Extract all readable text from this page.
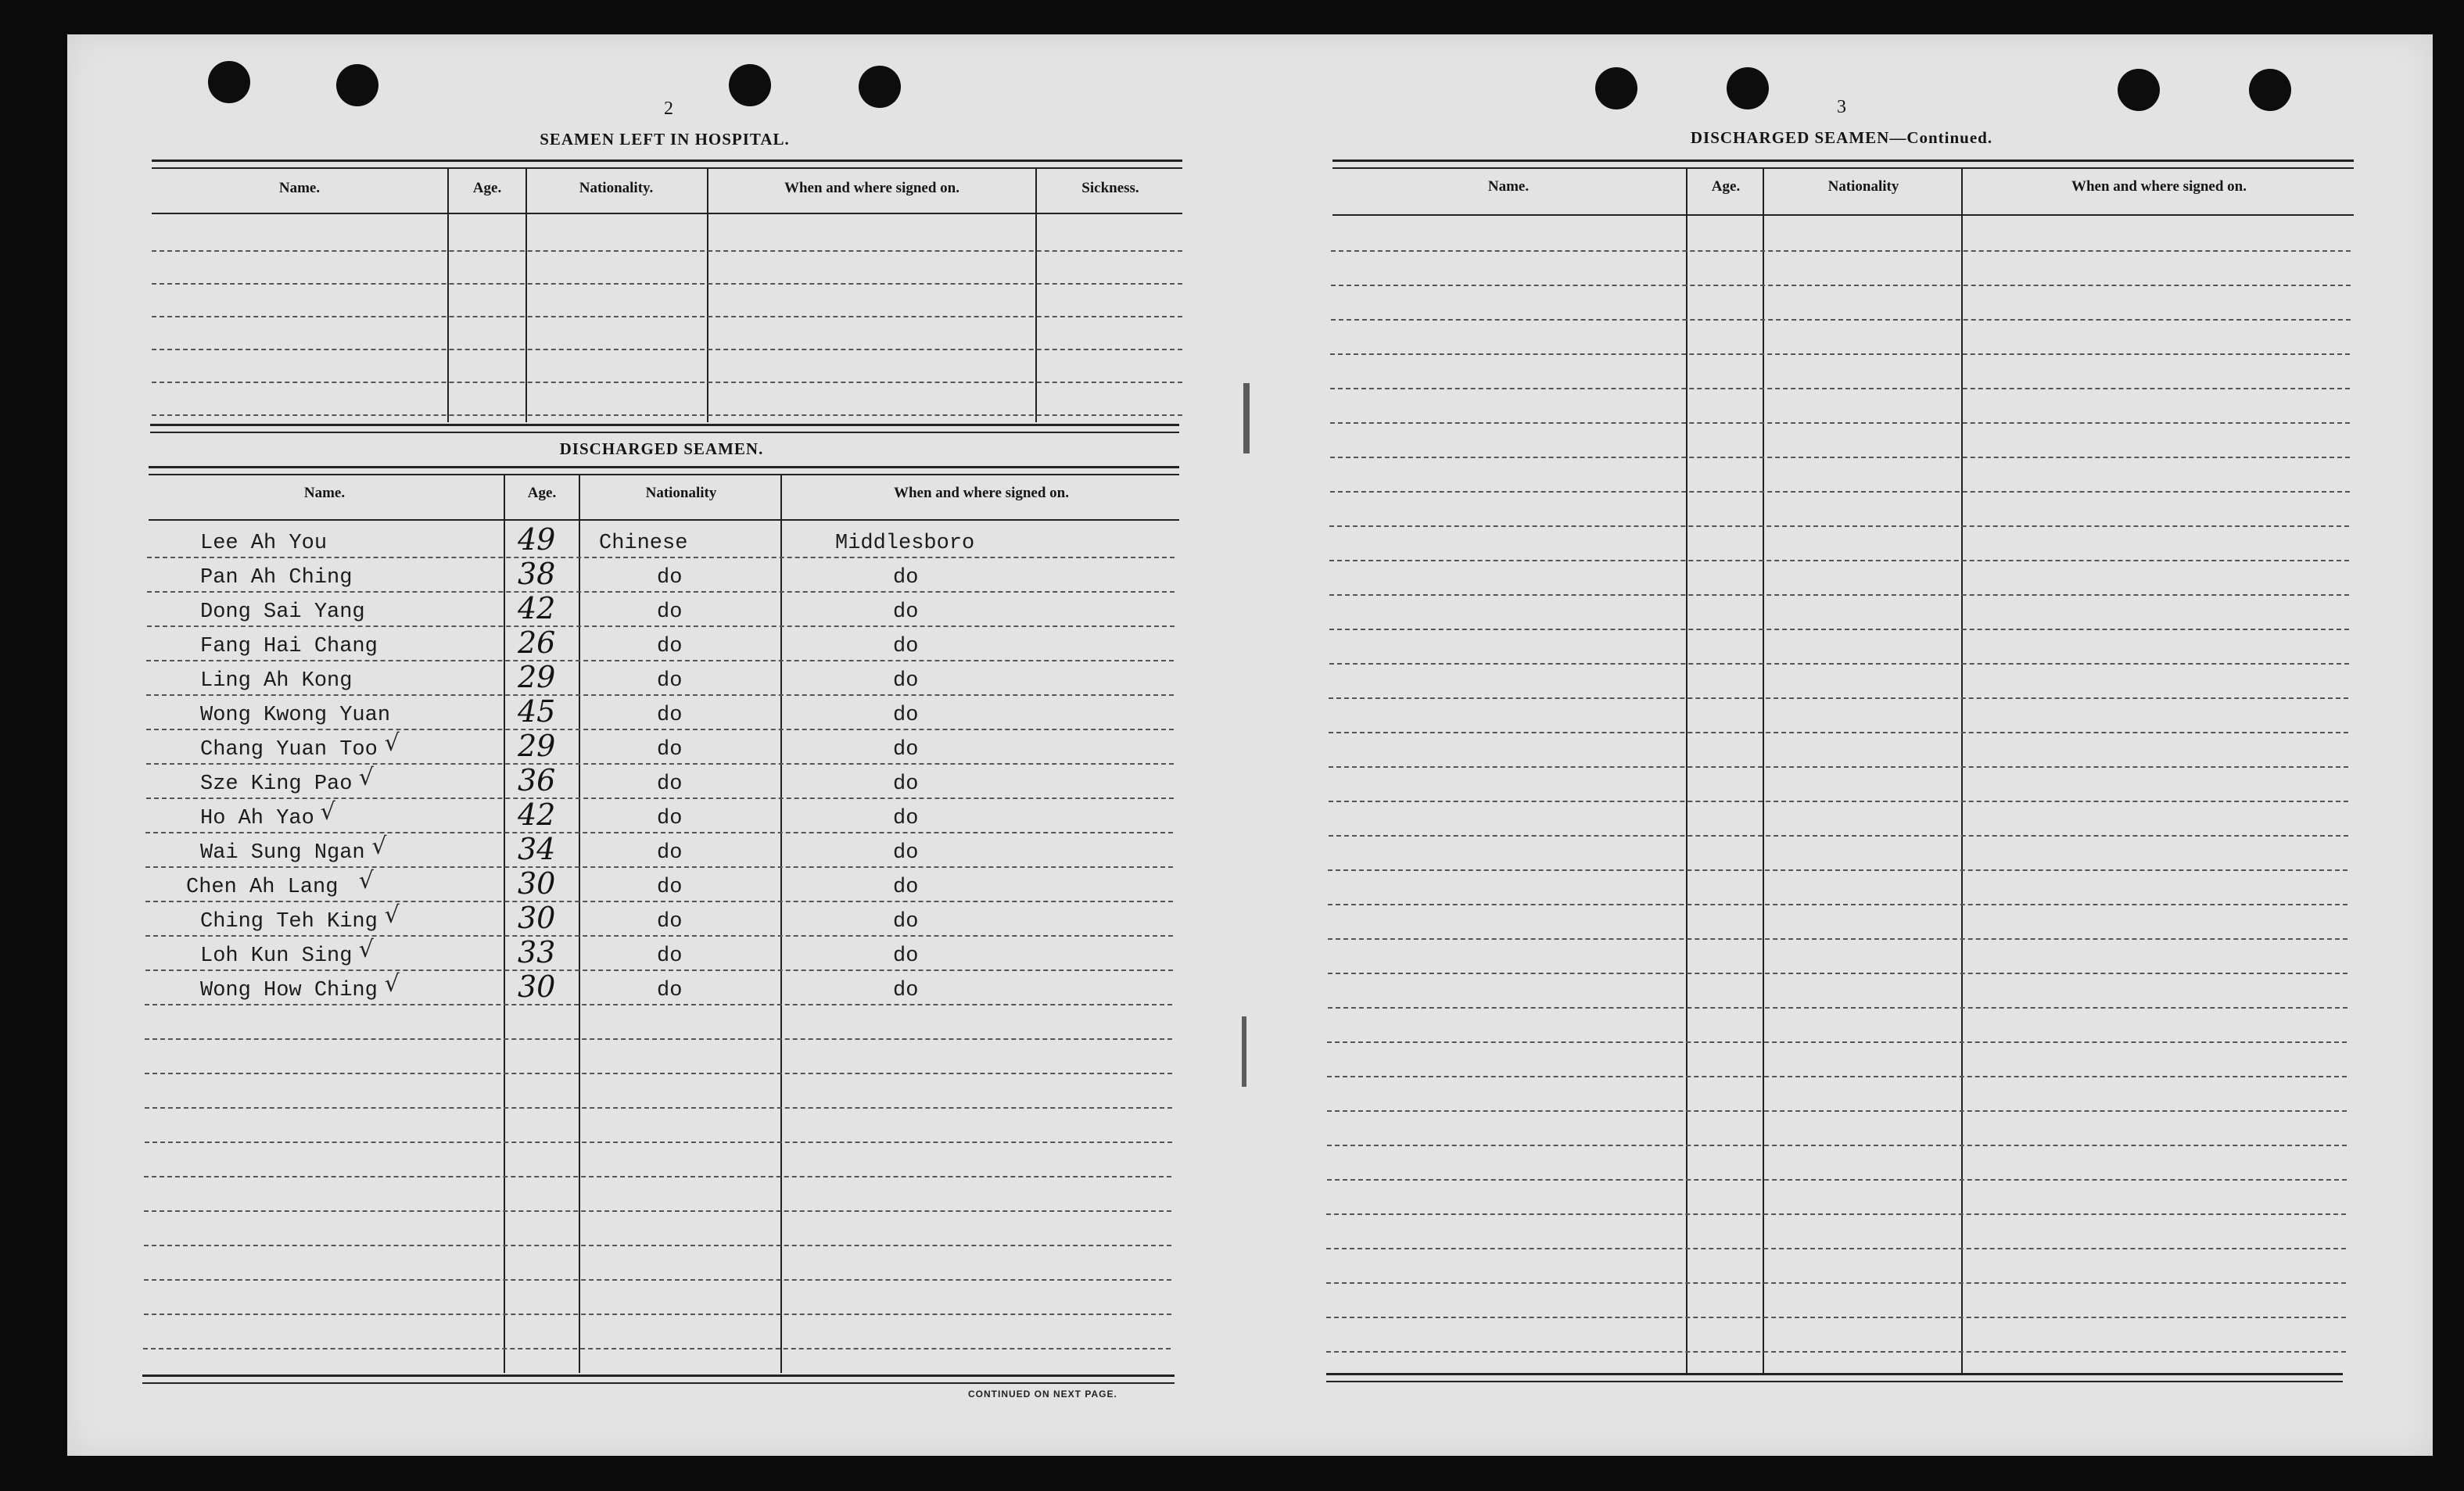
2
SEAMEN LEFT IN HOSPITAL.
Name.	Age.	Nationality.	When and where signed on.	Sickness.
DISCHARGED SEAMEN.
Name.	Age.	Nationality	When and where signed on.
Lee Ah You	49 Chinese	Middlesboro
Pan Ah Ching	38	do	do
Dong Sai Yang	42	do	do
Fang Hai Chang	26	do	do
Ling Ah Kong	29	do	do
Wong Kwong Yuan	45	do	do
Chang Yuan Too √	29	do	do
Sze King Pao √	36	do	do
Ho Ah Yao √	42	do	do
Wai Sung Ngan √	34	do	do
Chen Ah Lang √	30	do	do
Ching Teh King √	30	do	do
Loh Kun Sing √	33	do	do
Wong How Ching √	30	do	do
CONTINUED ON NEXT PAGE.
3
DISCHARGED SEAMEN—Continued.
Name.	Age.	Nationality	When and where signed on.
